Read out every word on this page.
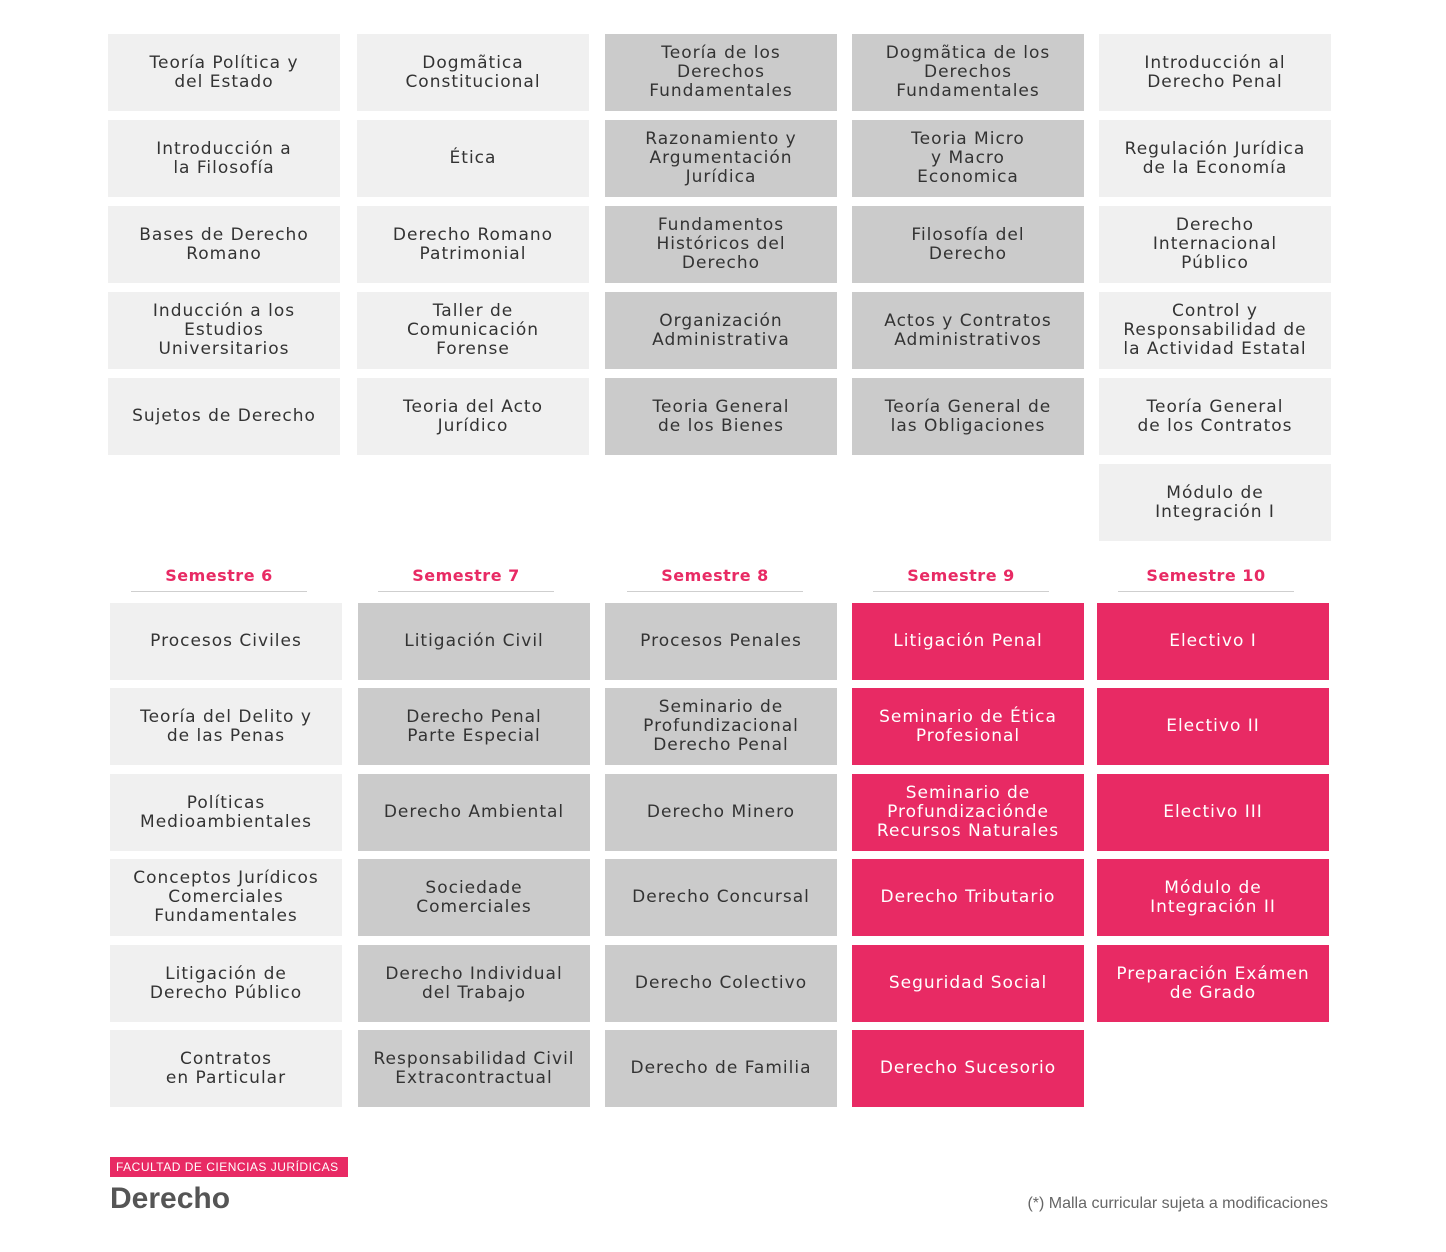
Teoría Política y
del Estado
Introducción a
la Filosofía
Bases de Derecho
Romano
Inducción a los
Estudios
Universitarios
Sujetos de Derecho
Dogmãtica
Constitucional
Ética
Derecho Romano
Patrimonial
Taller de
Comunicación
Forense
Teoria del Acto
Jurídico
Teoría de los
Derechos
Fundamentales
Razonamiento y
Argumentación
Jurídica
Fundamentos
Históricos del
Derecho
Organización
Administrativa
Teoria General
de los Bienes
Dogmãtica de los
Derechos
Fundamentales
Teoria Micro
y Macro
Economica
Filosofía del
Derecho
Actos y Contratos
Administrativos
Teoría General de
las Obligaciones
Introducción al
Derecho Penal
Regulación Jurídica
de la Economía
Derecho
Internacional
Público
Control y
Responsabilidad de
la Actividad Estatal
Teoría General
de los Contratos
Módulo de
Integración I
Semestre 6	Semestre 7	Semestre 8	Semestre 9	Semestre 10
Procesos Civiles
Teoría del Delito y
de las Penas
Políticas
Medioambientales
Conceptos Jurídicos
Comerciales
Fundamentales
Litigación de
Derecho Público
Contratos
en Particular
Litigación Civil
Derecho Penal
Parte Especial
Derecho Ambiental
Sociedade
Comerciales
Derecho Individual
del Trabajo
Responsabilidad Civil
Extracontractual
Procesos Penales
Seminario de
Profundizacional
Derecho Penal
Derecho Minero
Derecho Concursal
Derecho Colectivo
Derecho de Familia
Litigación Penal
Seminario de Ética
Profesional
Seminario de
Profundizaciónde
Recursos Naturales
Derecho Tributario
Seguridad Social
Derecho Sucesorio
Electivo I
Electivo II
Electivo III
Módulo de
Integración II
Preparación Exámen
de Grado
FACULTAD DE CIENCIAS JURÍDICAS
Derecho	(*) Malla curricular sujeta a modificaciones
